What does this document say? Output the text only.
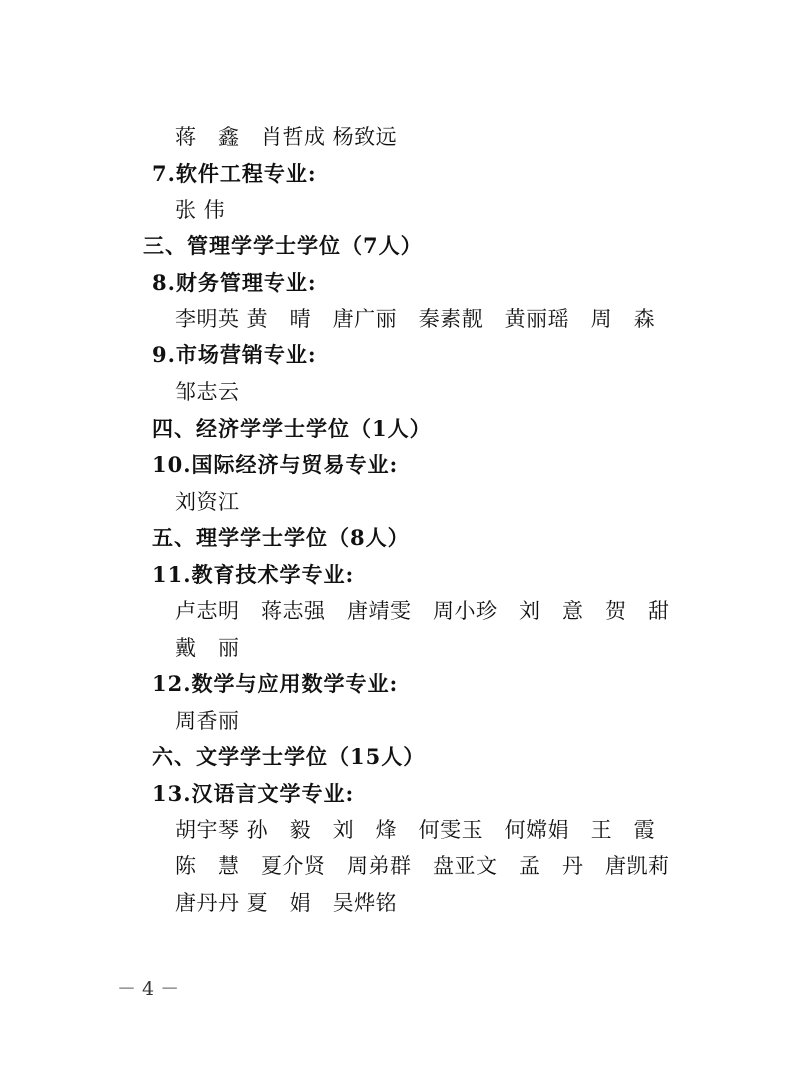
蒋　鑫　肖哲成 杨致远
7.软件工程专业:
张 伟
三、管理学学士学位（7人）
8.财务管理专业:
李明英 黄　晴　唐广丽　秦素靓　黄丽瑶　周　森
9.市场营销专业:
邹志云
四、经济学学士学位（1人）
10.国际经济与贸易专业:
刘资江
五、理学学士学位（8人）
11.教育技术学专业:
卢志明　蒋志强　唐靖雯　周小珍　刘　意　贺　甜
戴　丽
12.数学与应用数学专业:
周香丽
六、文学学士学位（15人）
13.汉语言文学专业:
胡宇琴 孙　毅　刘　烽　何雯玉　何嫦娟　王　霞
陈　慧　夏介贤　周弟群　盘亚文　孟　丹　唐凯莉
唐丹丹 夏　娟　吴烨铭
－ 4 －
